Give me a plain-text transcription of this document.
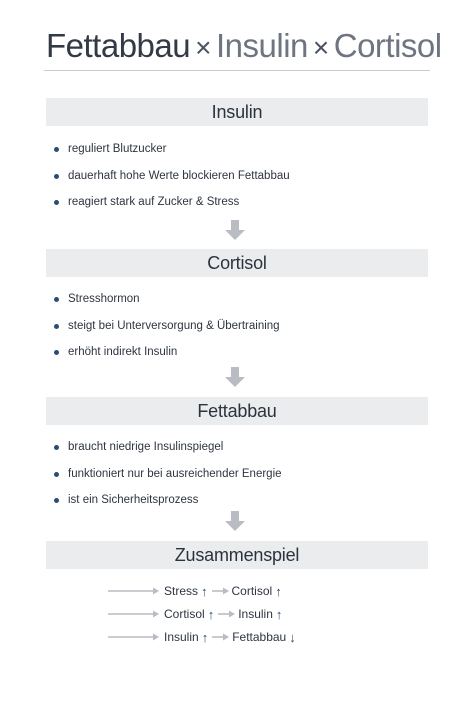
Fettabbau × Insulin × Cortisol
Insulin
reguliert Blutzucker
dauerhaft hohe Werte blockieren Fettabbau
reagiert stark auf Zucker & Stress
Cortisol
Stresshormon
steigt bei Unterversorgung & Übertraining
erhöht indirekt Insulin
Fettabbau
braucht niedrige Insulinspiegel
funktioniert nur bei ausreichender Energie
ist ein Sicherheitsprozess
Zusammenspiel
Stress ↑ Cortisol ↑
Cortisol ↑ Insulin ↑
Insulin ↑ Fettabbau ↓
